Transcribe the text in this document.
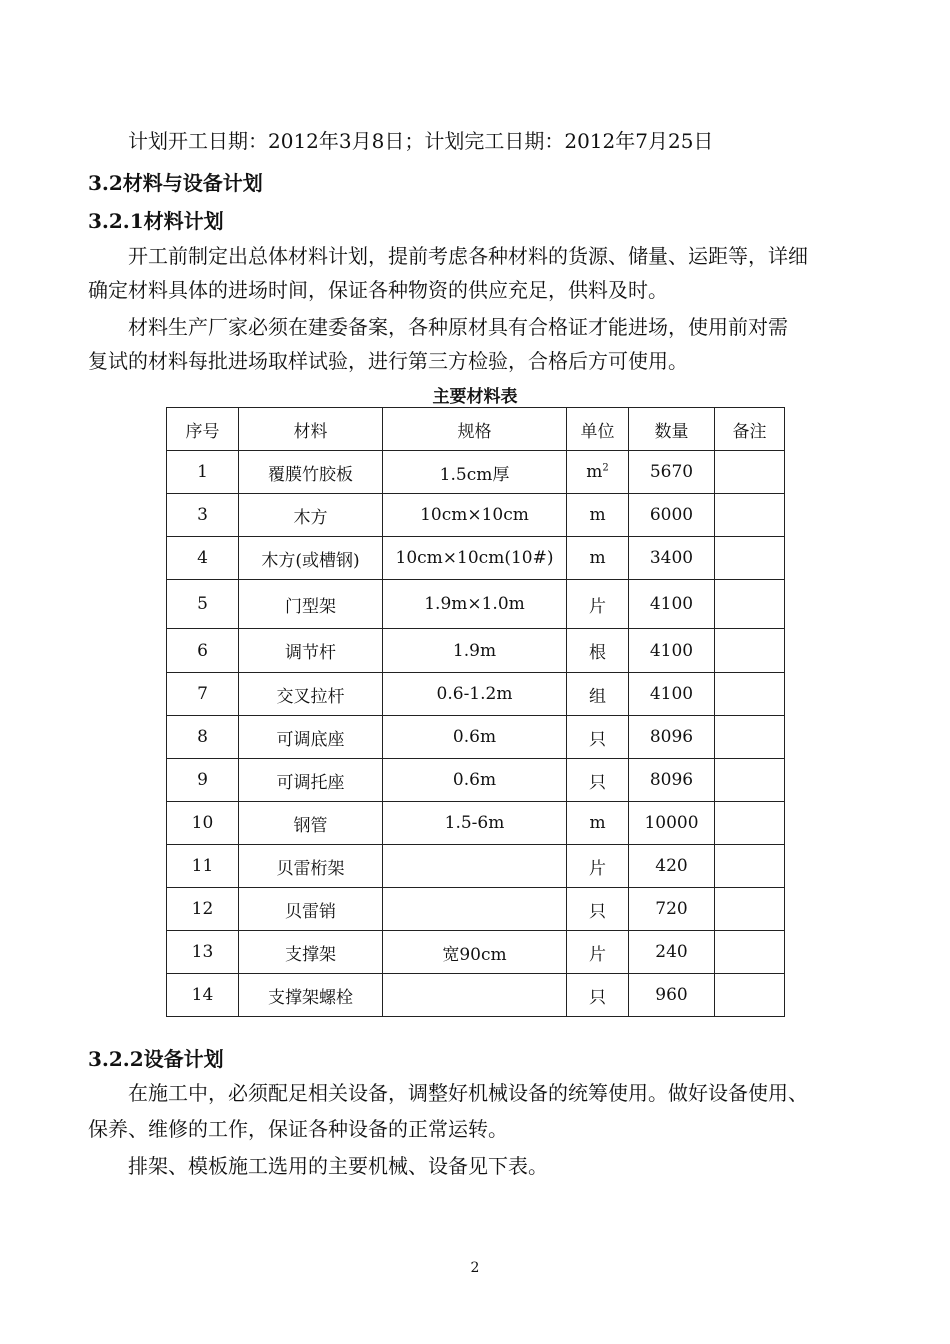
计划开工日期：2012年3月8日；计划完工日期：2012年7月25日
3.2材料与设备计划
3.2.1材料计划
开工前制定出总体材料计划，提前考虑各种材料的货源、储量、运距等，详细
确定材料具体的进场时间，保证各种物资的供应充足，供料及时。
材料生产厂家必须在建委备案，各种原材具有合格证才能进场，使用前对需
复试的材料每批进场取样试验，进行第三方检验，合格后方可使用。
主要材料表
序号	材料	规格	单位	数量	备注
1	覆膜竹胶板	1.5cm厚	$m^2$	5670	
3	木方	10cm×10cm	m	6000	
4	木方(或槽钢)	10cm×10cm(10#)	m	3400	
5	门型架	1.9m×1.0m	片	4100	
6	调节杆	1.9m	根	4100	
7	交叉拉杆	0.6-1.2m	组	4100	
8	可调底座	0.6m	只	8096	
9	可调托座	0.6m	只	8096	
10	钢管	1.5-6m	m	10000	
11	贝雷桁架		片	420	
12	贝雷销		只	720	
13	支撑架	宽90cm	片	240	
14	支撑架螺栓		只	960	
3.2.2设备计划
在施工中，必须配足相关设备，调整好机械设备的统筹使用。做好设备使用、
保养、维修的工作，保证各种设备的正常运转。
排架、模板施工选用的主要机械、设备见下表。
2
